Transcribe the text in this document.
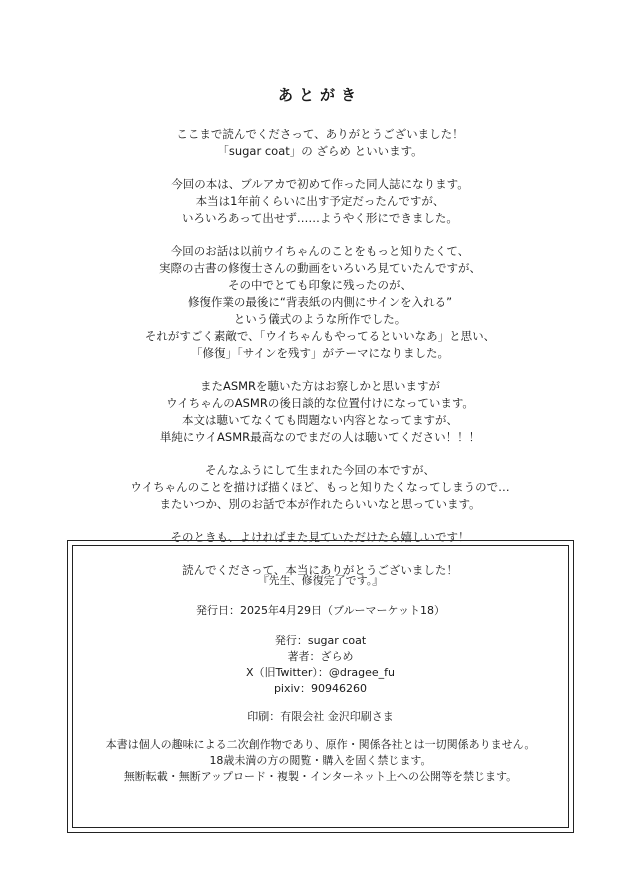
あとがき
ここまで読んでくださって、ありがとうございました！
「sugar coat」の ざらめ といいます。
今回の本は、ブルアカで初めて作った同人誌になります。
本当は1年前くらいに出す予定だったんですが、
いろいろあって出せず……ようやく形にできました。
今回のお話は以前ウイちゃんのことをもっと知りたくて、
実際の古書の修復士さんの動画をいろいろ見ていたんですが、
その中でとても印象に残ったのが、
修復作業の最後に“背表紙の内側にサインを入れる”
という儀式のような所作でした。
それがすごく素敵で、「ウイちゃんもやってるといいなあ」と思い、
「修復」「サインを残す」がテーマになりました。
またASMRを聴いた方はお察しかと思いますが
ウイちゃんのASMRの後日談的な位置付けになっています。
本文は聴いてなくても問題ない内容となってますが、
単純にウイASMR最高なのでまだの人は聴いてください！！！
そんなふうにして生まれた今回の本ですが、
ウイちゃんのことを描けば描くほど、もっと知りたくなってしまうので…
またいつか、別のお話で本が作れたらいいなと思っています。
そのときも、よければまた見ていただけたら嬉しいです！
読んでくださって、本当にありがとうございました！
『先生、修復完了です。』
発行日：2025年4月29日（ブルーマーケット18）
発行：sugar coat
著者：ざらめ
X（旧Twitter）：@dragee_fu
pixiv：90946260
印刷：有限会社 金沢印刷さま
本書は個人の趣味による二次創作物であり、原作・関係各社とは一切関係ありません。
18歳未満の方の閲覧・購入を固く禁じます。
無断転載・無断アップロード・複製・インターネット上への公開等を禁じます。
